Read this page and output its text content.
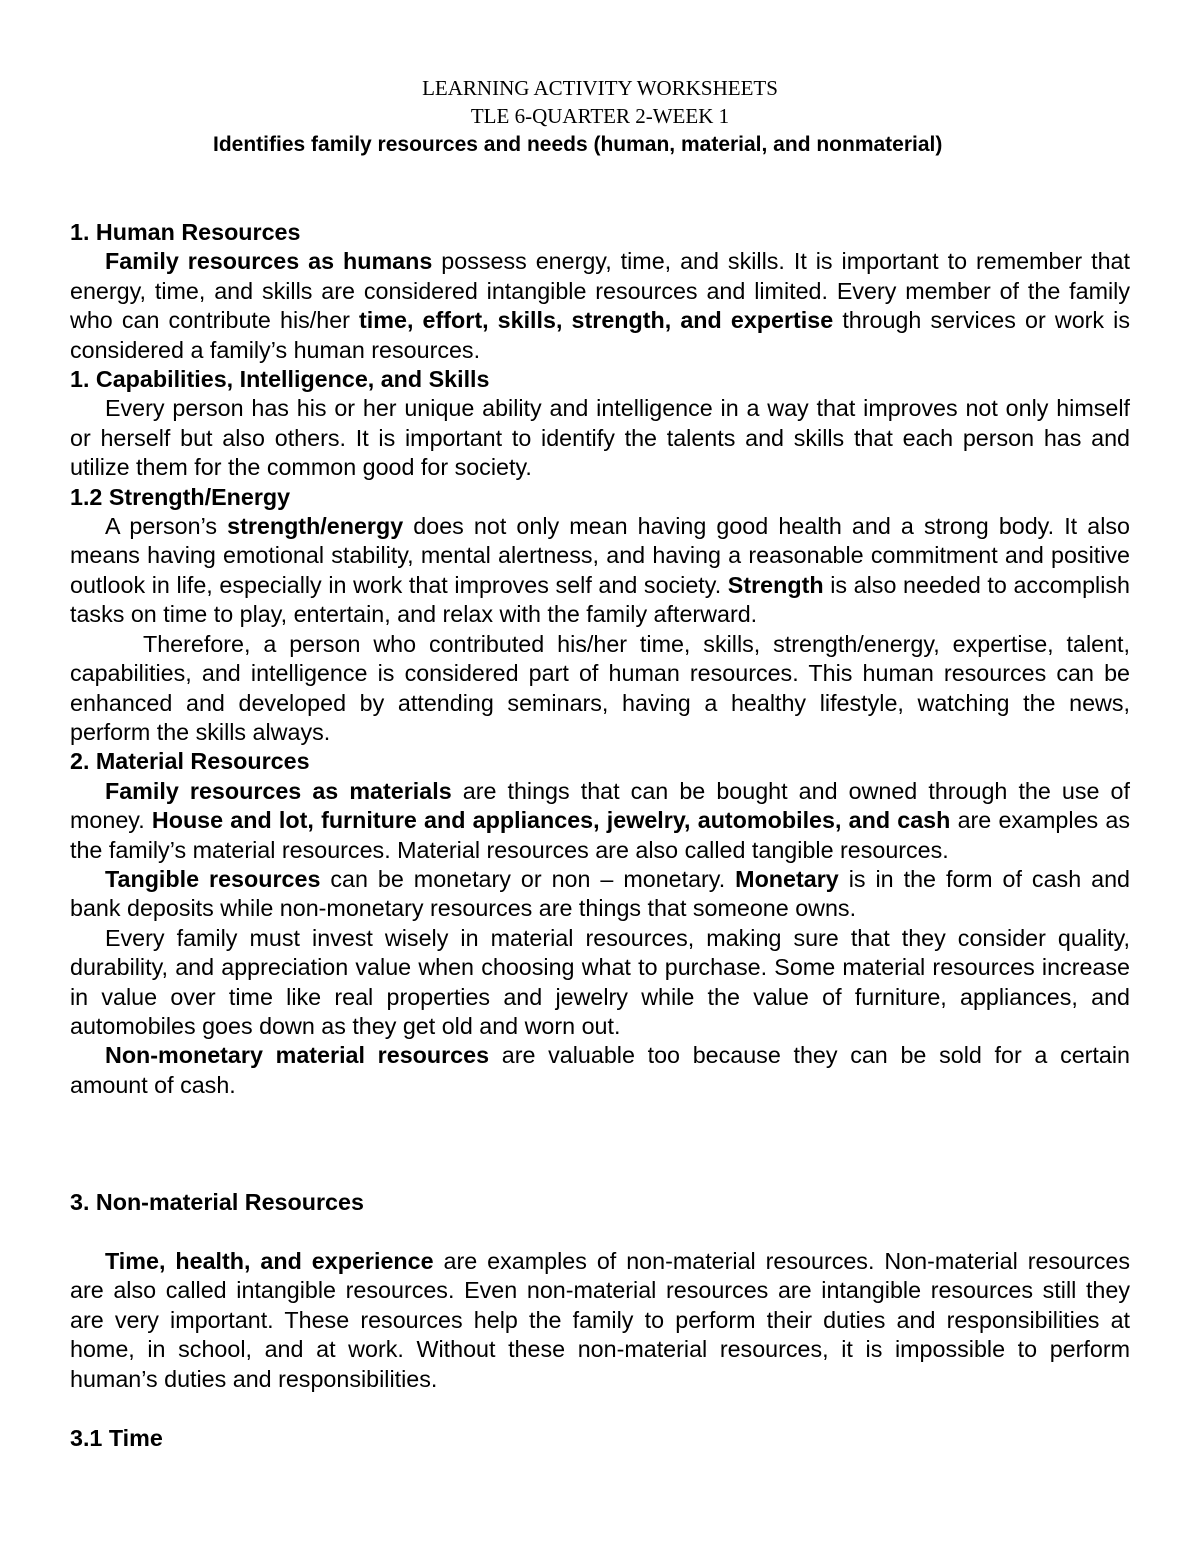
LEARNING ACTIVITY WORKSHEETS
TLE 6-QUARTER 2-WEEK 1
Identifies family resources and needs (human, material, and nonmaterial)
1. Human Resources

Family resources as humans possess energy, time, and skills. It is important to remember that energy, time, and skills are considered intangible resources and limited. Every member of the family who can contribute his/her time, effort, skills, strength, and expertise through services or work is considered a family’s human resources.

1. Capabilities, Intelligence, and Skills

Every person has his or her unique ability and intelligence in a way that improves not only himself or herself but also others. It is important to identify the talents and skills that each person has and utilize them for the common good for society.

1.2 Strength/Energy

A person’s strength/energy does not only mean having good health and a strong body. It also means having emotional stability, mental alertness, and having a reasonable commitment and positive outlook in life, especially in work that improves self and society. Strength is also needed to accomplish tasks on time to play, entertain, and relax with the family afterward.

Therefore, a person who contributed his/her time, skills, strength/energy, expertise, talent, capabilities, and intelligence is considered part of human resources. This human resources can be enhanced and developed by attending seminars, having a healthy lifestyle, watching the news, perform the skills always.

2. Material Resources

Family resources as materials are things that can be bought and owned through the use of money. House and lot, furniture and appliances, jewelry, automobiles, and cash are examples as the family’s material resources. Material resources are also called tangible resources.

Tangible resources can be monetary or non – monetary. Monetary is in the form of cash and bank deposits while non-monetary resources are things that someone owns.

Every family must invest wisely in material resources, making sure that they consider quality, durability, and appreciation value when choosing what to purchase. Some material resources increase in value over time like real properties and jewelry while the value of furniture, appliances, and automobiles goes down as they get old and worn out.

Non-monetary material resources are valuable too because they can be sold for a certain amount of cash.

3. Non-material Resources

Time, health, and experience are examples of non-material resources. Non-material resources are also called intangible resources. Even non-material resources are intangible resources still they are very important. These resources help the family to perform their duties and responsibilities at home, in school, and at work. Without these non-material resources, it is impossible to perform human’s duties and responsibilities.

3.1 Time
